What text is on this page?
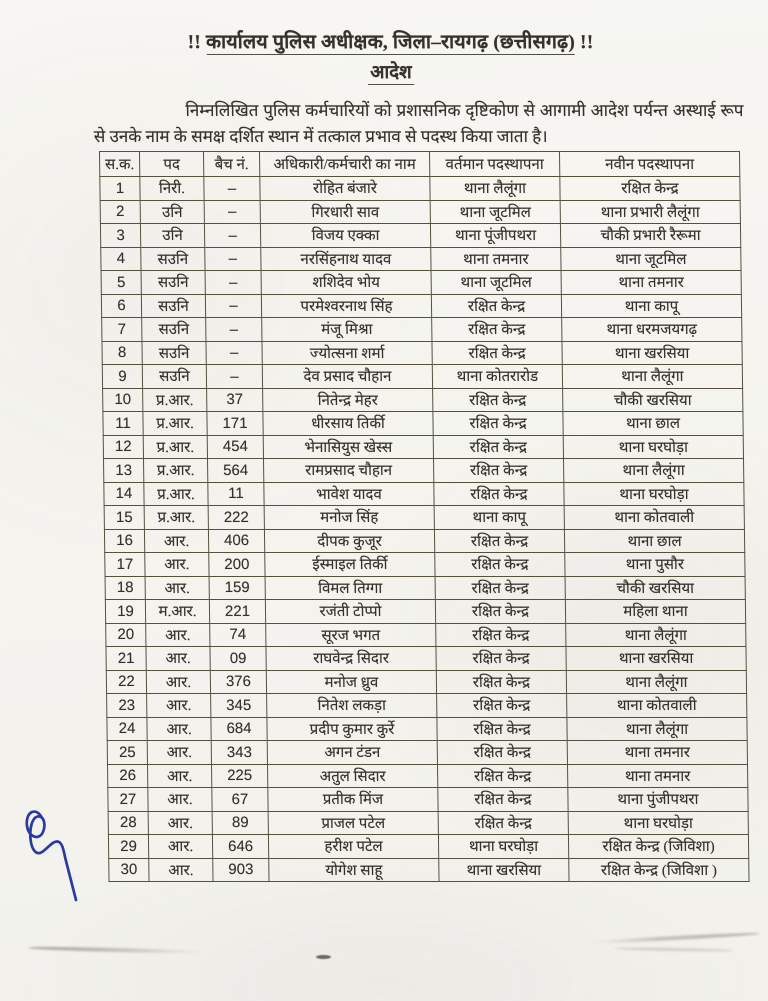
!! कार्यालय पुलिस अधीक्षक, जिला–रायगढ़ (छत्तीसगढ़) !!
आदेश

निम्नलिखित पुलिस कर्मचारियों को प्रशासनिक दृष्टिकोण से आगामी आदेश पर्यन्त अस्थाई रूप से उनके नाम के समक्ष दर्शित स्थान में तत्काल प्रभाव से पदस्थ किया जाता है।

स.क.	पद	बैच नं.	अधिकारी/कर्मचारी का नाम	वर्तमान पदस्थापना	नवीन पदस्थापना
1	निरी.	–	रोहित बंजारे	थाना लैलूंगा	रक्षित केन्द्र
2	उनि	–	गिरधारी साव	थाना जूटमिल	थाना प्रभारी लैलूंगा
3	उनि	–	विजय एक्का	थाना पूंजीपथरा	चौकी प्रभारी रैरूमा
4	सउनि	–	नरसिंहनाथ यादव	थाना तमनार	थाना जूटमिल
5	सउनि	–	शशिदेव भोय	थाना जूटमिल	थाना तमनार
6	सउनि	–	परमेश्वरनाथ सिंह	रक्षित केन्द्र	थाना कापू
7	सउनि	–	मंजू मिश्रा	रक्षित केन्द्र	थाना धरमजयगढ़
8	सउनि	–	ज्योत्सना शर्मा	रक्षित केन्द्र	थाना खरसिया
9	सउनि	–	देव प्रसाद चौहान	थाना कोतरारोड	थाना लैलूंगा
10	प्र.आर.	37	नितेन्द्र मेहर	रक्षित केन्द्र	चौकी खरसिया
11	प्र.आर.	171	धीरसाय तिर्की	रक्षित केन्द्र	थाना छाल
12	प्र.आर.	454	भेनासियुस खेस्स	रक्षित केन्द्र	थाना घरघोड़ा
13	प्र.आर.	564	रामप्रसाद चौहान	रक्षित केन्द्र	थाना लैलूंगा
14	प्र.आर.	11	भावेश यादव	रक्षित केन्द्र	थाना घरघोड़ा
15	प्र.आर.	222	मनोज सिंह	थाना कापू	थाना कोतवाली
16	आर.	406	दीपक कुजूर	रक्षित केन्द्र	थाना छाल
17	आर.	200	ईस्माइल तिर्की	रक्षित केन्द्र	थाना पुसौर
18	आर.	159	विमल तिग्गा	रक्षित केन्द्र	चौकी खरसिया
19	म.आर.	221	रजंती टोप्पो	रक्षित केन्द्र	महिला थाना
20	आर.	74	सूरज भगत	रक्षित केन्द्र	थाना लैलूंगा
21	आर.	09	राघवेन्द्र सिदार	रक्षित केन्द्र	थाना खरसिया
22	आर.	376	मनोज ध्रुव	रक्षित केन्द्र	थाना लैलूंगा
23	आर.	345	नितेश लकड़ा	रक्षित केन्द्र	थाना कोतवाली
24	आर.	684	प्रदीप कुमार कुर्रे	रक्षित केन्द्र	थाना लैलूंगा
25	आर.	343	अगन टंडन	रक्षित केन्द्र	थाना तमनार
26	आर.	225	अतुल सिदार	रक्षित केन्द्र	थाना तमनार
27	आर.	67	प्रतीक मिंज	रक्षित केन्द्र	थाना पुंजीपथरा
28	आर.	89	प्राजल पटेल	रक्षित केन्द्र	थाना घरघोड़ा
29	आर.	646	हरीश पटेल	थाना घरघोड़ा	रक्षित केन्द्र (जिविशा)
30	आर.	903	योगेश साहू	थाना खरसिया	रक्षित केन्द्र (जिविशा )
